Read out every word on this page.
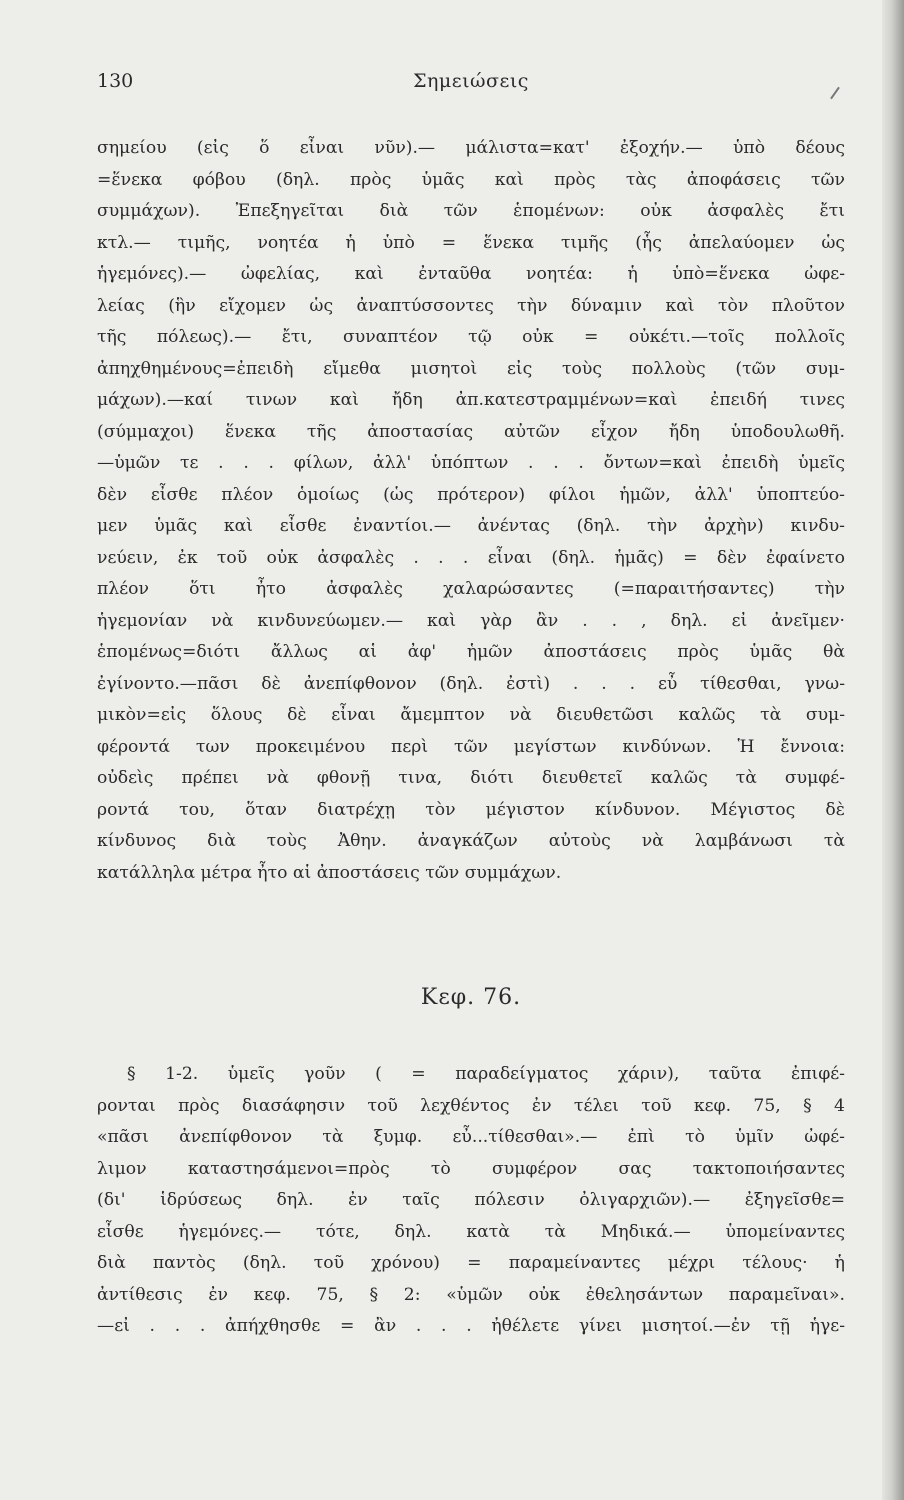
130	Σημειώσεις
σημείου (εἰς ὅ εἶναι νῦν).— μάλιστα=κατ' ἐξοχήν.— ὑπὸ δέους
=ἕνεκα φόβου (δηλ. πρὸς ὑμᾶς καὶ πρὸς τὰς ἀποφάσεις τῶν
συμμάχων). Ἐπεξηγεῖται διὰ τῶν ἑπομένων: οὐκ ἀσφαλὲς ἔτι
κτλ.— τιμῆς, νοητέα ἡ ὑπὸ = ἕνεκα τιμῆς (ἧς ἀπελαύομεν ὡς
ἡγεμόνες).— ὠφελίας, καὶ ἐνταῦθα νοητέα: ἡ ὑπὸ=ἕνεκα ὠφε-
λείας (ἣν εἴχομεν ὡς ἀναπτύσσοντες τὴν δύναμιν καὶ τὸν πλοῦτον
τῆς πόλεως).— ἔτι, συναπτέον τῷ οὐκ = οὐκέτι.—τοῖς πολλοῖς
ἀπηχθημένους=ἐπειδὴ εἴμεθα μισητοὶ εἰς τοὺς πολλοὺς (τῶν συμ-
μάχων).—καί τινων καὶ ἤδη ἀπ.κατεστραμμένων=καὶ ἐπειδή τινες
(σύμμαχοι) ἕνεκα τῆς ἀποστασίας αὐτῶν εἶχον ἤδη ὑποδουλωθῆ.
—ὑμῶν τε . . . φίλων, ἀλλ' ὑπόπτων . . . ὄντων=καὶ ἐπειδὴ ὑμεῖς
δὲν εἶσθε πλέον ὁμοίως (ὡς πρότερον) φίλοι ἡμῶν, ἀλλ' ὑποπτεύο-
μεν ὑμᾶς καὶ εἶσθε ἐναντίοι.— ἀνέντας (δηλ. τὴν ἀρχὴν) κινδυ-
νεύειν, ἐκ τοῦ οὐκ ἀσφαλὲς . . . εἶναι (δηλ. ἡμᾶς) = δὲν ἐφαίνετο
πλέον ὅτι ἦτο ἀσφαλὲς χαλαρώσαντες (=παραιτήσαντες) τὴν
ἡγεμονίαν νὰ κινδυνεύωμεν.— καὶ γὰρ ἂν . . , δηλ. εἰ ἀνεῖμεν·
ἑπομένως=διότι ἄλλως αἱ ἀφ' ἡμῶν ἀποστάσεις πρὸς ὑμᾶς θὰ
ἐγίνοντο.—πᾶσι δὲ ἀνεπίφθονον (δηλ. ἐστὶ) . . . εὖ τίθεσθαι, γνω-
μικὸν=εἰς ὅλους δὲ εἶναι ἄμεμπτον νὰ διευθετῶσι καλῶς τὰ συμ-
φέροντά των προκειμένου περὶ τῶν μεγίστων κινδύνων. Ἡ ἔννοια:
οὐδεὶς πρέπει νὰ φθονῇ τινα, διότι διευθετεῖ καλῶς τὰ συμφέ-
ροντά του, ὅταν διατρέχῃ τὸν μέγιστον κίνδυνον. Μέγιστος δὲ
κίνδυνος διὰ τοὺς Ἀθην. ἀναγκάζων αὐτοὺς νὰ λαμβάνωσι τὰ
κατάλληλα μέτρα ἦτο αἱ ἀποστάσεις τῶν συμμάχων.
Κεφ. 76.
§ 1-2. ὑμεῖς γοῦν ( = παραδείγματος χάριν), ταῦτα ἐπιφέ-
ρονται πρὸς διασάφησιν τοῦ λεχθέντος ἐν τέλει τοῦ κεφ. 75, § 4
«πᾶσι ἀνεπίφθονον τὰ ξυμφ. εὖ...τίθεσθαι».— ἐπὶ τὸ ὑμῖν ὠφέ-
λιμον καταστησάμενοι=πρὸς τὸ συμφέρον σας τακτοποιήσαντες
(δι' ἱδρύσεως δηλ. ἐν ταῖς πόλεσιν ὀλιγαρχιῶν).— ἐξηγεῖσθε=
εἶσθε ἡγεμόνες.— τότε, δηλ. κατὰ τὰ Μηδικά.— ὑπομείναντες
διὰ παντὸς (δηλ. τοῦ χρόνου) = παραμείναντες μέχρι τέλους· ἡ
ἀντίθεσις ἐν κεφ. 75, § 2: «ὑμῶν οὐκ ἐθελησάντων παραμεῖναι».
—εἰ . . . ἀπήχθησθε = ἂν . . . ἠθέλετε γίνει μισητοί.—ἐν τῇ ἡγε-
